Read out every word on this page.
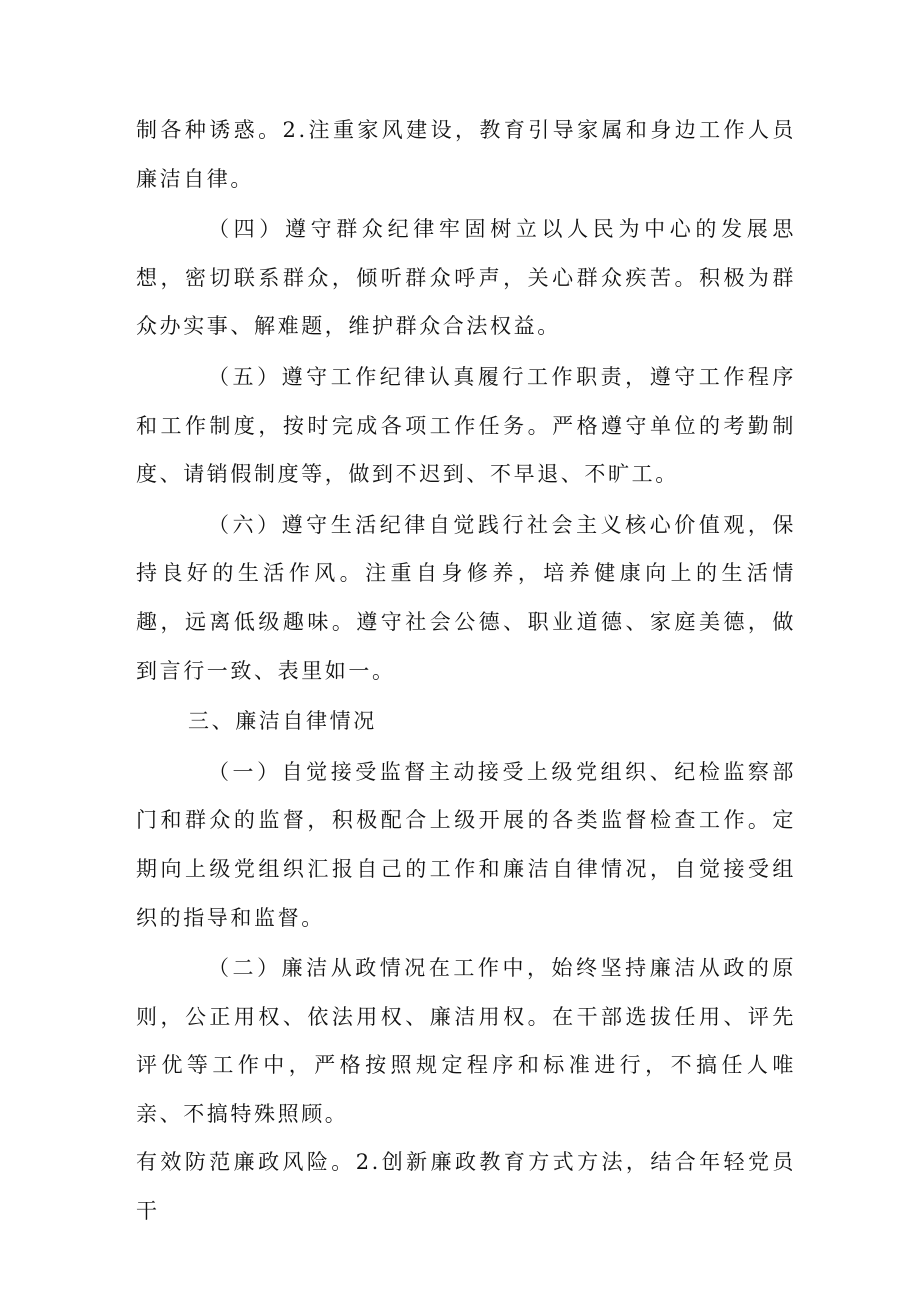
制各种诱惑。2.注重家风建设，教育引导家属和身边工作人员廉洁自律。

（四）遵守群众纪律牢固树立以人民为中心的发展思想，密切联系群众，倾听群众呼声，关心群众疾苦。积极为群众办实事、解难题，维护群众合法权益。

（五）遵守工作纪律认真履行工作职责，遵守工作程序和工作制度，按时完成各项工作任务。严格遵守单位的考勤制度、请销假制度等，做到不迟到、不早退、不旷工。

（六）遵守生活纪律自觉践行社会主义核心价值观，保持良好的生活作风。注重自身修养，培养健康向上的生活情趣，远离低级趣味。遵守社会公德、职业道德、家庭美德，做到言行一致、表里如一。

三、廉洁自律情况

（一）自觉接受监督主动接受上级党组织、纪检监察部门和群众的监督，积极配合上级开展的各类监督检查工作。定期向上级党组织汇报自己的工作和廉洁自律情况，自觉接受组织的指导和监督。

（二）廉洁从政情况在工作中，始终坚持廉洁从政的原则，公正用权、依法用权、廉洁用权。在干部选拔任用、评先评优等工作中，严格按照规定程序和标准进行，不搞任人唯亲、不搞特殊照顾。

有效防范廉政风险。2.创新廉政教育方式方法，结合年轻党员干
